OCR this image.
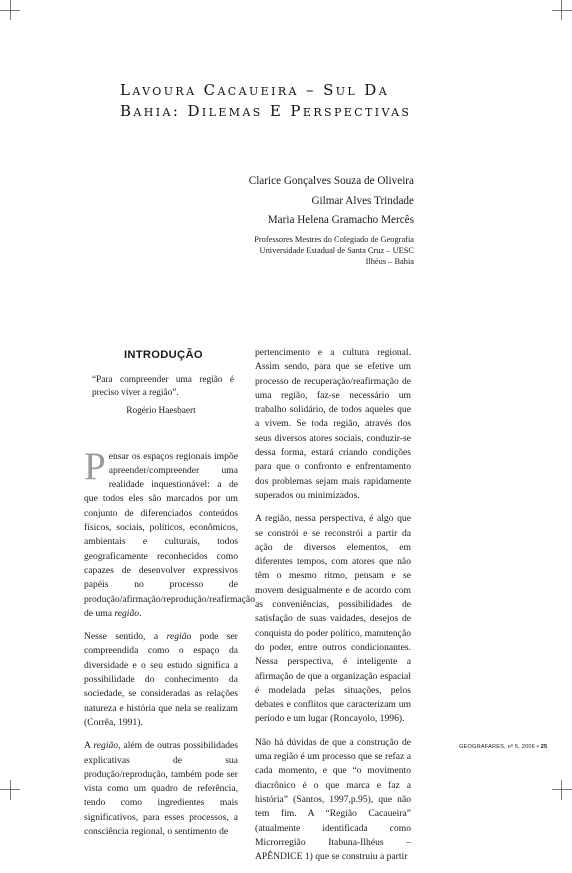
Lavoura Cacaueira – Sul Da
Bahia: Dilemas E Perspectivas
Clarice Gonçalves Souza de Oliveira
Gilmar Alves Trindade
Maria Helena Gramacho Mercês
Professores Mestres do Colegiado de Geografia
Universidade Estadual de Santa Cruz – UESC
Ilhéus – Bahia
INTRODUÇÃO
“Para compreender uma região é preciso viver a região”.
Rogério Haesbaert

Pensar os espaços regionais impõe apreender/compreender uma realidade inquestionável: a de que todos eles são marcados por um conjunto de diferenciados conteúdos físicos, sociais, políticos, econômicos, ambientais e culturais, todos geograficamente reconhecidos como capazes de desenvolver expressivos papéis no processo de produção/afirmação/reprodução/reafirmação de uma região.

Nesse sentido, a região pode ser compreendida como o espaço da diversidade e o seu estudo significa a possibilidade do conhecimento da sociedade, se consideradas as relações natureza e história que nela se realizam (Corrêa, 1991).

A região, além de outras possibilidades explicativas de sua produção/reprodução, também pode ser vista como um quadro de referência, tendo como ingredientes mais significativos, para esses processos, a consciência regional, o sentimento de

pertencimento e a cultura regional. Assim sendo, para que se efetive um processo de recuperação/reafirmação de uma região, faz-se necessário um trabalho solidário, de todos aqueles que a vivem. Se toda região, através dos seus diversos atores sociais, conduzir-se dessa forma, estará criando condições para que o confronto e enfrentamento dos problemas sejam mais rapidamente superados ou minimizados.

A região, nessa perspectiva, é algo que se constrói e se reconstrói a partir da ação de diversos elementos, em diferentes tempos, com atores que não têm o mesmo ritmo, pensam e se movem desigualmente e de acordo com as conveniências, possibilidades de satisfação de suas vaidades, desejos de conquista do poder político, manutenção do poder, entre outros condicionantes. Nessa perspectiva, é inteligente a afirmação de que a organização espacial é modelada pelas situações, pelos debates e conflitos que caracterizam um período e um lugar (Roncayolo, 1996).

Não há dúvidas de que a construção de uma região é um processo que se refaz a cada momento, e que “o movimento diacrônico é o que marca e faz a história” (Santos, 1997,p.95), que não tem fim. A “Região Cacaueira” (atualmente identificada como Microrregião Itabuna-Ilhéus – APÊNDICE 1) que se construiu a partir

GEOGRAFARES, nº 5, 2006 • 25
